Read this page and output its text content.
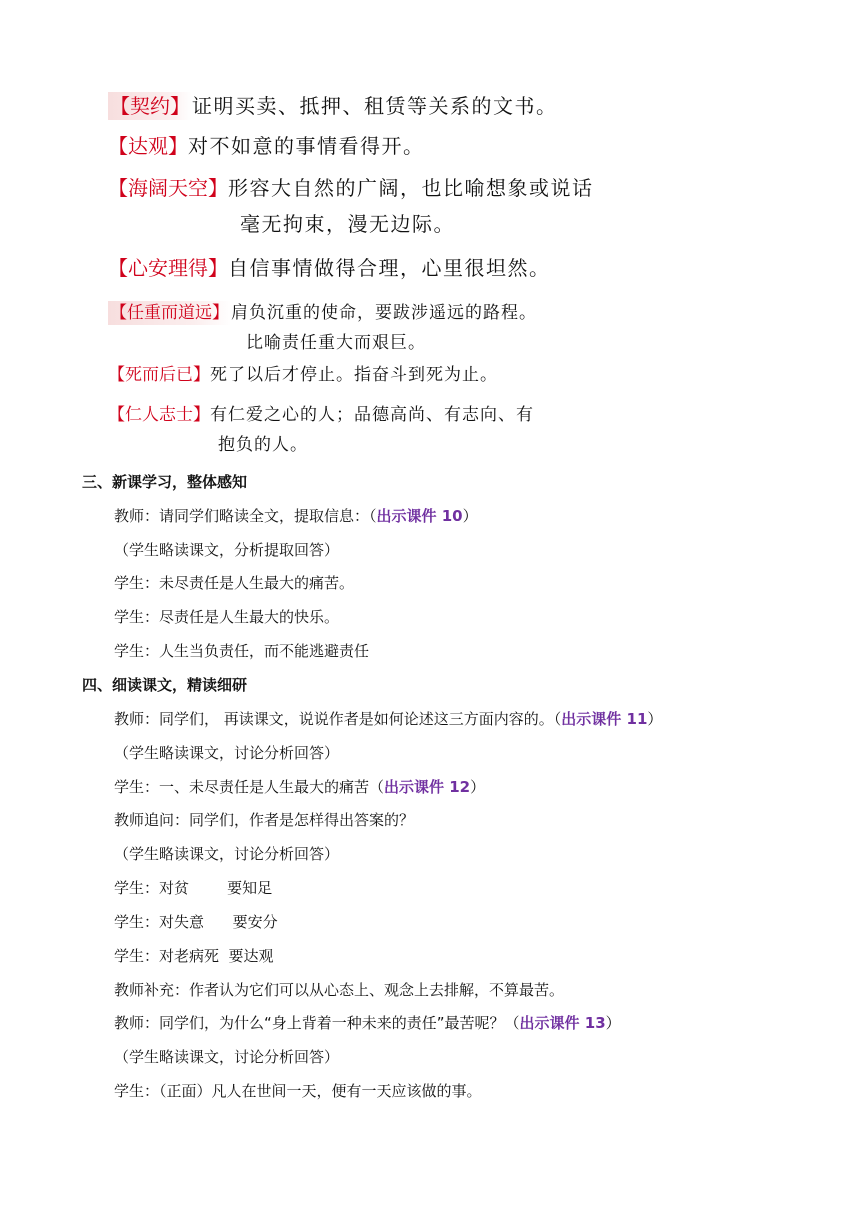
【契约】 证明买卖、抵押、租赁等关系的文书。
【达观】对不如意的事情看得开。
【海阔天空】形容大自然的广阔，也比喻想象或说话
毫无拘束，漫无边际。
【心安理得】自信事情做得合理，心里很坦然。
【任重而道远】 肩负沉重的使命，要跋涉遥远的路程。
比喻责任重大而艰巨。
【死而后已】死了以后才停止。指奋斗到死为止。
【仁人志士】有仁爱之心的人；品德高尚、有志向、有
抱负的人。
三、新课学习，整体感知
教师：请同学们略读全文，提取信息：（出示课件 10）
（学生略读课文，分析提取回答）
学生：未尽责任是人生最大的痛苦。
学生：尽责任是人生最大的快乐。
学生：人生当负责任，而不能逃避责任
四、细读课文，精读细研
教师：同学们， 再读课文，说说作者是如何论述这三方面内容的。（出示课件 11）
（学生略读课文，讨论分析回答）
学生：一、未尽责任是人生最大的痛苦（出示课件 12）
教师追问：同学们，作者是怎样得出答案的？
（学生略读课文，讨论分析回答）
学生：对贫        要知足
学生：对失意      要安分
学生：对老病死  要达观
教师补充：作者认为它们可以从心态上、观念上去排解，不算最苦。
教师：同学们，为什么“身上背着一种未来的责任”最苦呢？（出示课件 13）
（学生略读课文，讨论分析回答）
学生：（正面）凡人在世间一天，便有一天应该做的事。
